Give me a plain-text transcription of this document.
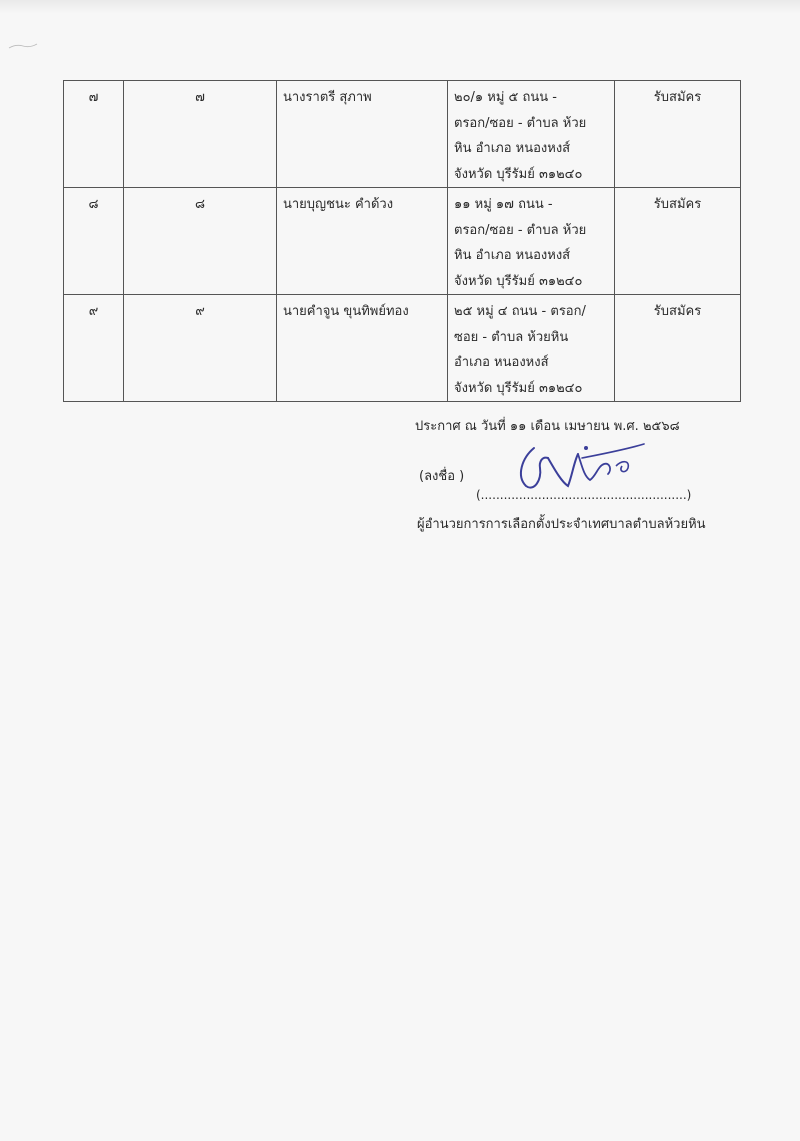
๗	๗	นางราตรี สุภาพ	๒๐/๑ หมู่ ๕ ถนน -
ตรอก/ซอย - ตำบล ห้วย
หิน อำเภอ หนองหงส์
จังหวัด บุรีรัมย์ ๓๑๒๔๐	รับสมัคร
๘	๘	นายบุญชนะ คำด้วง	๑๑ หมู่ ๑๗ ถนน -
ตรอก/ซอย - ตำบล ห้วย
หิน อำเภอ หนองหงส์
จังหวัด บุรีรัมย์ ๓๑๒๔๐	รับสมัคร
๙	๙	นายคำจูน ขุนทิพย์ทอง	๒๕ หมู่ ๔ ถนน - ตรอก/
ซอย - ตำบล ห้วยหิน
อำเภอ หนองหงส์
จังหวัด บุรีรัมย์ ๓๑๒๔๐	รับสมัคร
ประกาศ ณ วันที่ ๑๑ เดือน เมษายน พ.ศ. ๒๕๖๘
(ลงชื่อ )
(......................................................)
ผู้อำนวยการการเลือกตั้งประจำเทศบาลตำบลห้วยหิน
